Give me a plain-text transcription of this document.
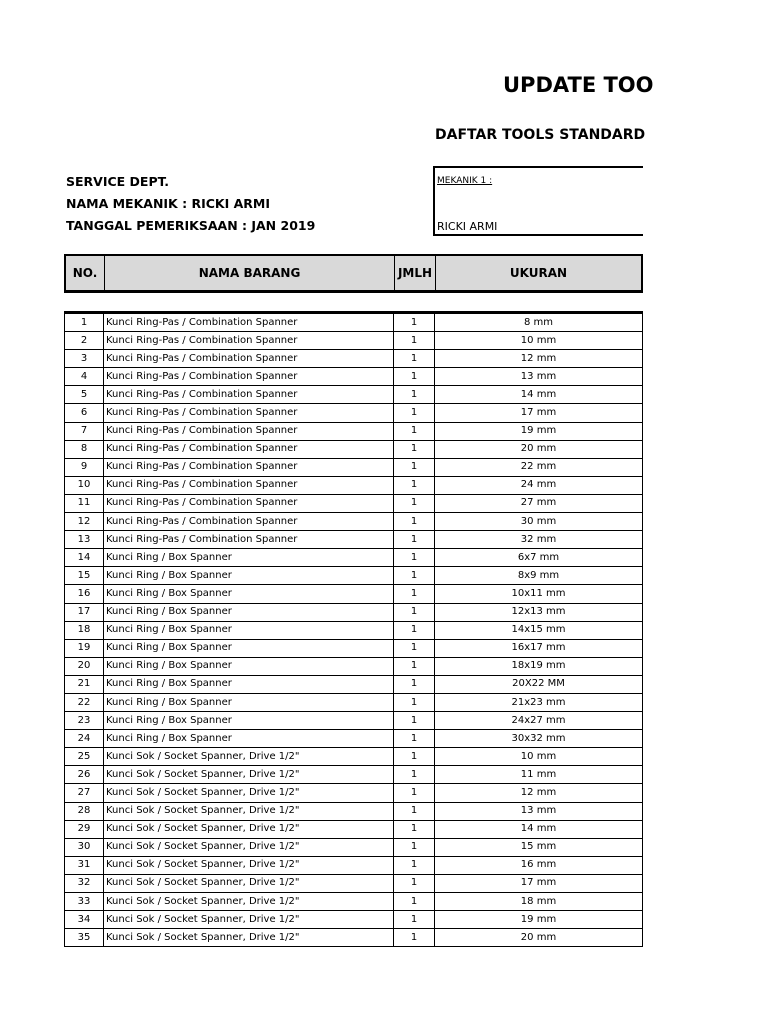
UPDATE TOO
DAFTAR TOOLS STANDARD
SERVICE DEPT.
NAMA MEKANIK : RICKI ARMI
TANGGAL PEMERIKSAAN : JAN 2019
MEKANIK 1 :
RICKI ARMI
NO.	NAMA BARANG	JMLH	UKURAN
1	Kunci Ring-Pas / Combination Spanner	1	8 mm
2	Kunci Ring-Pas / Combination Spanner	1	10 mm
3	Kunci Ring-Pas / Combination Spanner	1	12 mm
4	Kunci Ring-Pas / Combination Spanner	1	13 mm
5	Kunci Ring-Pas / Combination Spanner	1	14 mm
6	Kunci Ring-Pas / Combination Spanner	1	17 mm
7	Kunci Ring-Pas / Combination Spanner	1	19 mm
8	Kunci Ring-Pas / Combination Spanner	1	20 mm
9	Kunci Ring-Pas / Combination Spanner	1	22 mm
10	Kunci Ring-Pas / Combination Spanner	1	24 mm
11	Kunci Ring-Pas / Combination Spanner	1	27 mm
12	Kunci Ring-Pas / Combination Spanner	1	30 mm
13	Kunci Ring-Pas / Combination Spanner	1	32 mm
14	Kunci Ring / Box Spanner	1	6x7 mm
15	Kunci Ring / Box Spanner	1	8x9 mm
16	Kunci Ring / Box Spanner	1	10x11 mm
17	Kunci Ring / Box Spanner	1	12x13 mm
18	Kunci Ring / Box Spanner	1	14x15 mm
19	Kunci Ring / Box Spanner	1	16x17 mm
20	Kunci Ring / Box Spanner	1	18x19 mm
21	Kunci Ring / Box Spanner	1	20X22 MM
22	Kunci Ring / Box Spanner	1	21x23 mm
23	Kunci Ring / Box Spanner	1	24x27 mm
24	Kunci Ring / Box Spanner	1	30x32 mm
25	Kunci Sok / Socket Spanner, Drive 1/2"	1	10 mm
26	Kunci Sok / Socket Spanner, Drive 1/2"	1	11 mm
27	Kunci Sok / Socket Spanner, Drive 1/2"	1	12 mm
28	Kunci Sok / Socket Spanner, Drive 1/2"	1	13 mm
29	Kunci Sok / Socket Spanner, Drive 1/2"	1	14 mm
30	Kunci Sok / Socket Spanner, Drive 1/2"	1	15 mm
31	Kunci Sok / Socket Spanner, Drive 1/2"	1	16 mm
32	Kunci Sok / Socket Spanner, Drive 1/2"	1	17 mm
33	Kunci Sok / Socket Spanner, Drive 1/2"	1	18 mm
34	Kunci Sok / Socket Spanner, Drive 1/2"	1	19 mm
35	Kunci Sok / Socket Spanner, Drive 1/2"	1	20 mm
